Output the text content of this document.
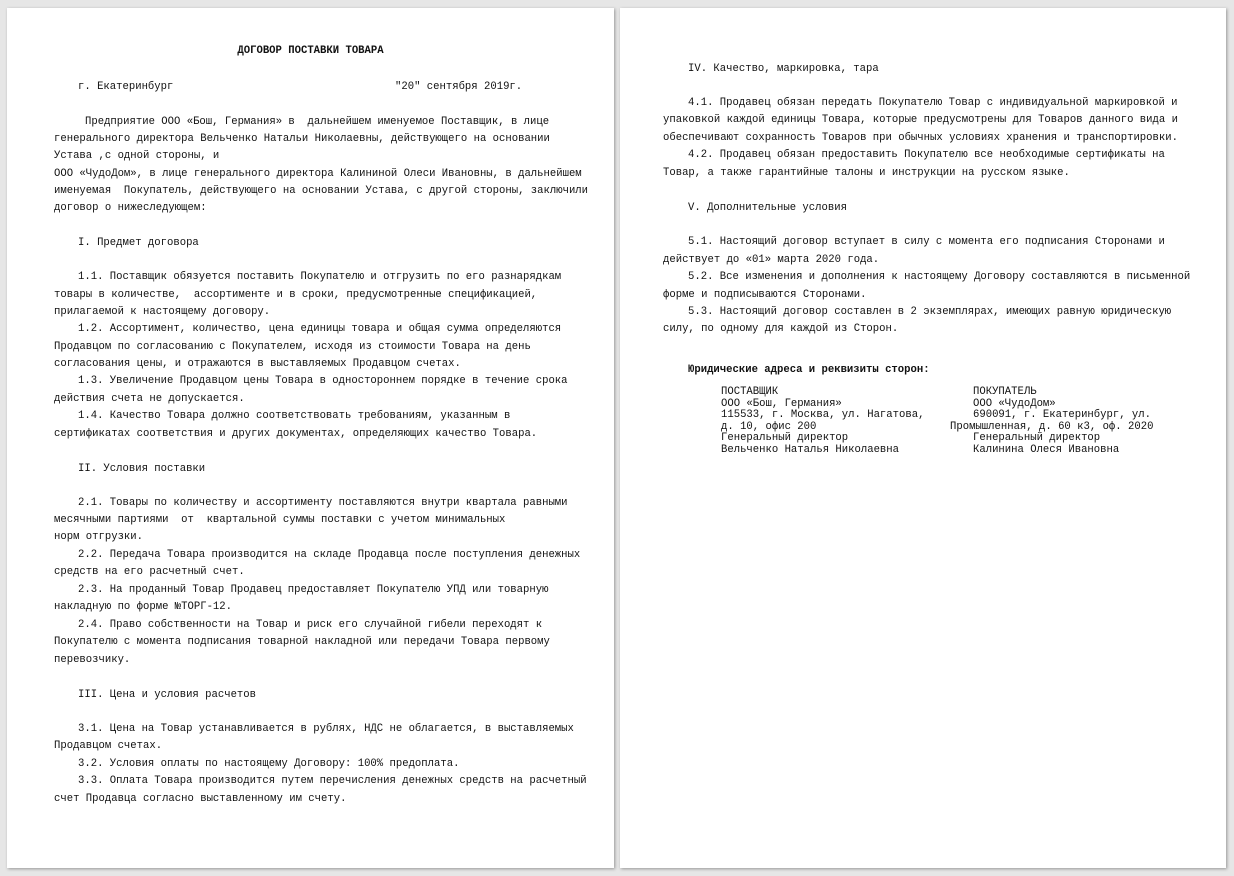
ДОГОВОР ПОСТАВКИ ТОВАРА
г. Екатеринбург	"20" сентября 2019г.
Предприятие ООО «Бош, Германия» в  дальнейшем именуемое Поставщик, в лице
генерального директора Вельченко Натальи Николаевны, действующего на основании
Устава ,с одной стороны, и
ООО «ЧудоДом», в лице генерального директора Калининой Олеси Ивановны, в дальнейшем
именуемая  Покупатель, действующего на основании Устава, с другой стороны, заключили
договор о нижеследующем:
I. Предмет договора
1.1. Поставщик обязуется поставить Покупателю и отгрузить по его разнарядкам
товары в количестве,  ассортименте и в сроки, предусмотренные спецификацией,
прилагаемой к настоящему договору.
1.2. Ассортимент, количество, цена единицы товара и общая сумма определяются
Продавцом по согласованию с Покупателем, исходя из стоимости Товара на день
согласования цены, и отражаются в выставляемых Продавцом счетах.
1.3. Увеличение Продавцом цены Товара в одностороннем порядке в течение срока
действия счета не допускается.
1.4. Качество Товара должно соответствовать требованиям, указанным в
сертификатах соответствия и других документах, определяющих качество Товара.
II. Условия поставки
2.1. Товары по количеству и ассортименту поставляются внутри квартала равными
месячными партиями  от  квартальной суммы поставки с учетом минимальных
норм отгрузки.
2.2. Передача Товара производится на складе Продавца после поступления денежных
средств на его расчетный счет.
2.3. На проданный Товар Продавец предоставляет Покупателю УПД или товарную
накладную по форме №ТОРГ-12.
2.4. Право собственности на Товар и риск его случайной гибели переходят к
Покупателю с момента подписания товарной накладной или передачи Товара первому
перевозчику.
III. Цена и условия расчетов
3.1. Цена на Товар устанавливается в рублях, НДС не облагается, в выставляемых
Продавцом счетах.
3.2. Условия оплаты по настоящему Договору: 100% предоплата.
3.3. Оплата Товара производится путем перечисления денежных средств на расчетный
счет Продавца согласно выставленному им счету.
IV. Качество, маркировка, тара
4.1. Продавец обязан передать Покупателю Товар с индивидуальной маркировкой и
упаковкой каждой единицы Товара, которые предусмотрены для Товаров данного вида и
обеспечивают сохранность Товаров при обычных условиях хранения и транспортировки.
4.2. Продавец обязан предоставить Покупателю все необходимые сертификаты на
Товар, а также гарантийные талоны и инструкции на русском языке.
V. Дополнительные условия
5.1. Настоящий договор вступает в силу с момента его подписания Сторонами и
действует до «01» марта 2020 года.
5.2. Все изменения и дополнения к настоящему Договору составляются в письменной
форме и подписываются Сторонами.
5.3. Настоящий договор составлен в 2 экземплярах, имеющих равную юридическую
силу, по одному для каждой из Сторон.
Юридические адреса и реквизиты сторон:
ПОСТАВЩИК
ООО «Бош, Германия»
115533, г. Москва, ул. Нагатова,
д. 10, офис 200
Генеральный директор
Вельченко Наталья Николаевна
ПОКУПАТЕЛЬ
ООО «ЧудоДом»
690091, г. Екатеринбург, ул.
Промышленная, д. 60 к3, оф. 2020
Генеральный директор
Калинина Олеся Ивановна
